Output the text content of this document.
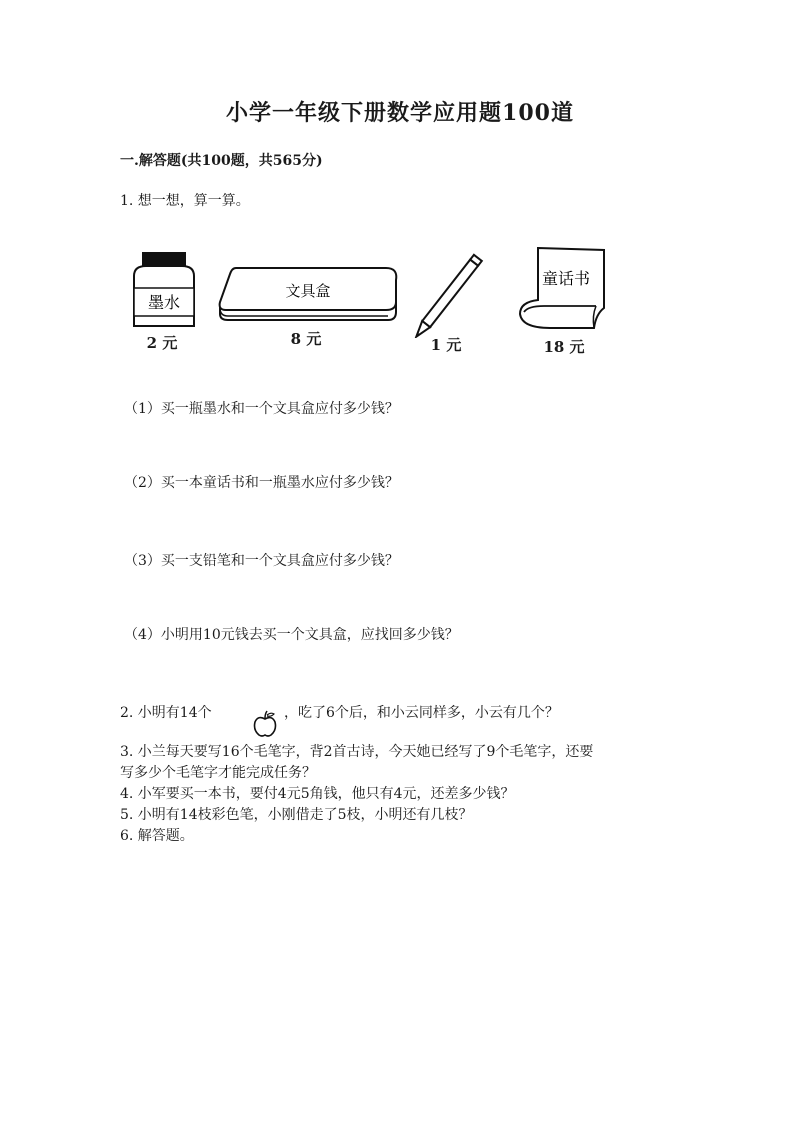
小学一年级下册数学应用题100道
一.解答题(共100题，共565分)
1. 想一想，算一算。
墨水
2 元
文具盒
8 元	1 元
童话书
18 元
（1）买一瓶墨水和一个文具盒应付多少钱？
（2）买一本童话书和一瓶墨水应付多少钱？
（3）买一支铅笔和一个文具盒应付多少钱？
（4）小明用10元钱去买一个文具盒，应找回多少钱？
2. 小明有14个	，吃了6个后，和小云同样多，小云有几个？
3. 小兰每天要写16个毛笔字，背2首古诗，今天她已经写了9个毛笔字，还要
写多少个毛笔字才能完成任务？
4. 小军要买一本书，要付4元5角钱，他只有4元，还差多少钱？
5. 小明有14枝彩色笔，小刚借走了5枝，小明还有几枝？
6. 解答题。
